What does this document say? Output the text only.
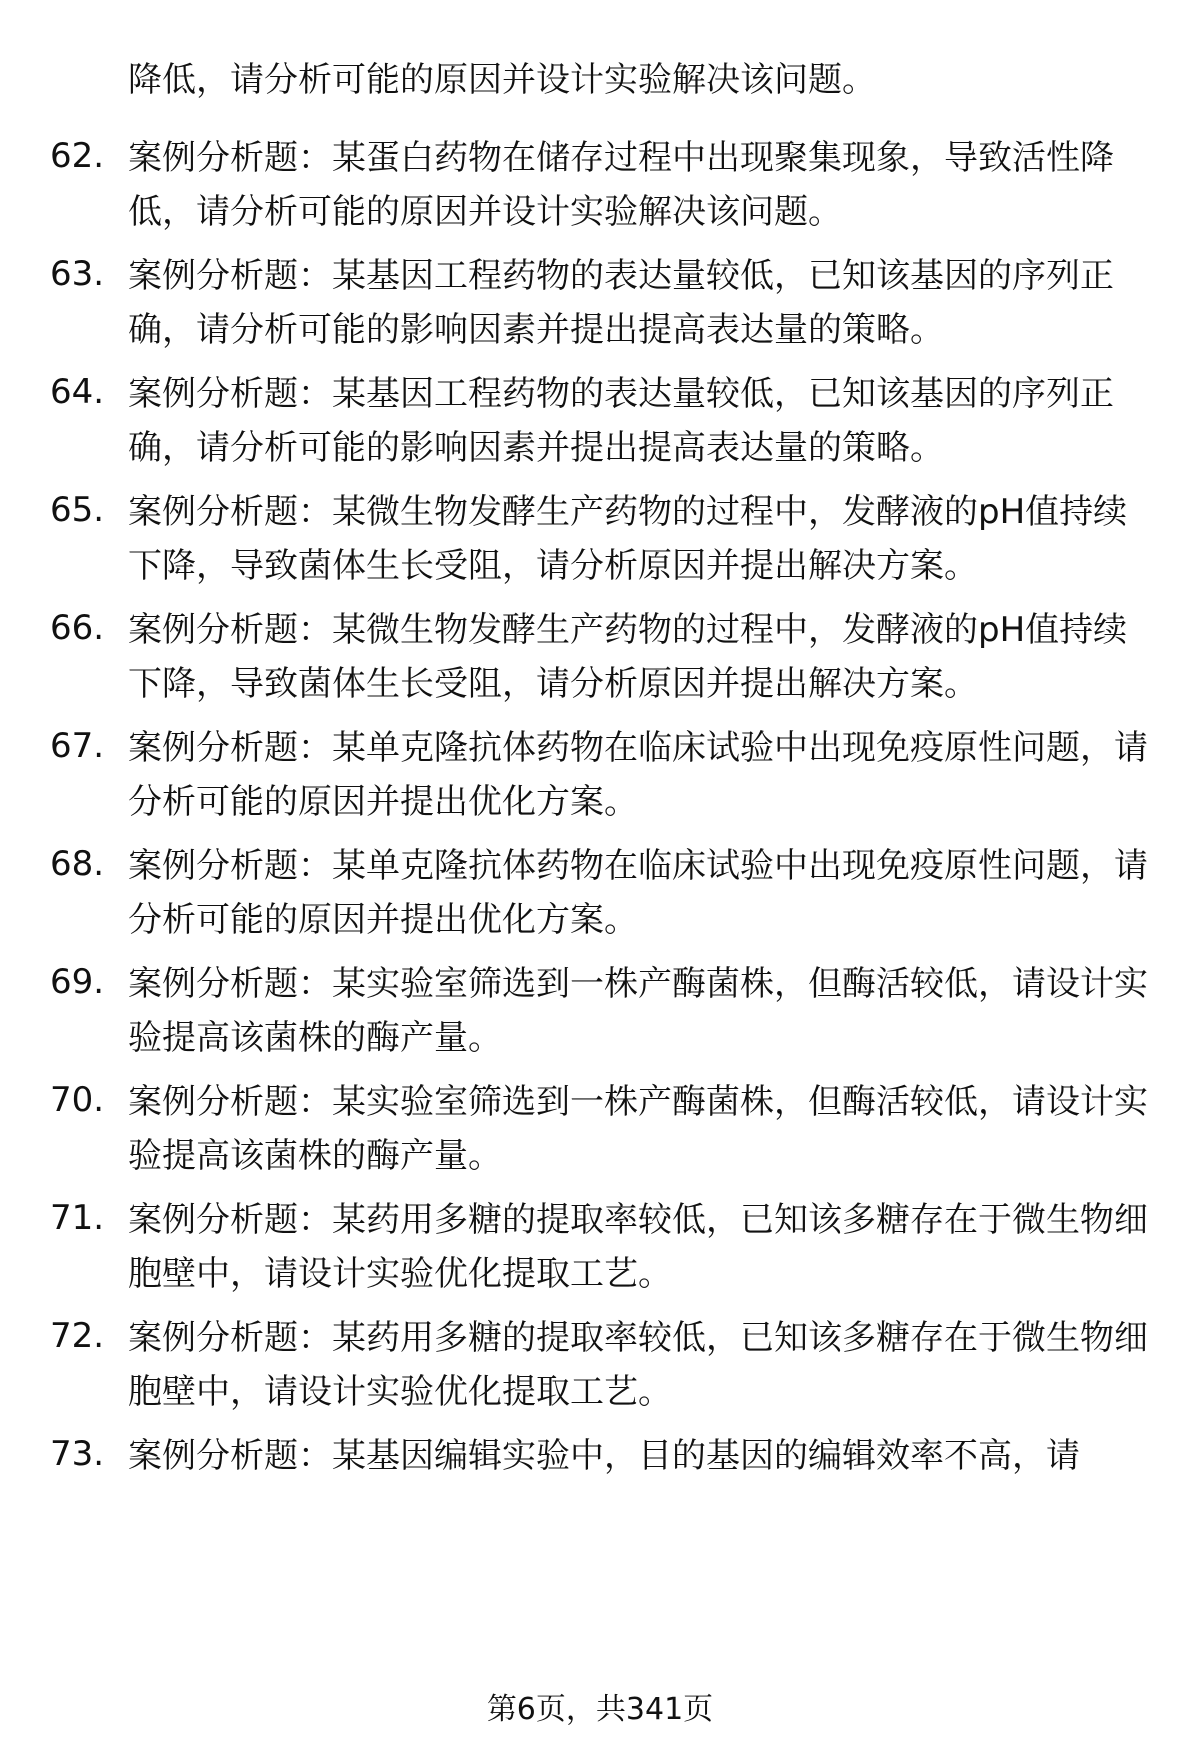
降低，请分析可能的原因并设计实验解决该问题。
62. 案例分析题：某蛋白药物在储存过程中出现聚集现象，导致活性降低，请分析可能的原因并设计实验解决该问题。
63. 案例分析题：某基因工程药物的表达量较低，已知该基因的序列正确，请分析可能的影响因素并提出提高表达量的策略。
64. 案例分析题：某基因工程药物的表达量较低，已知该基因的序列正确，请分析可能的影响因素并提出提高表达量的策略。
65. 案例分析题：某微生物发酵生产药物的过程中，发酵液的pH值持续下降，导致菌体生长受阻，请分析原因并提出解决方案。
66. 案例分析题：某微生物发酵生产药物的过程中，发酵液的pH值持续下降，导致菌体生长受阻，请分析原因并提出解决方案。
67. 案例分析题：某单克隆抗体药物在临床试验中出现免疫原性问题，请分析可能的原因并提出优化方案。
68. 案例分析题：某单克隆抗体药物在临床试验中出现免疫原性问题，请分析可能的原因并提出优化方案。
69. 案例分析题：某实验室筛选到一株产酶菌株，但酶活较低，请设计实验提高该菌株的酶产量。
70. 案例分析题：某实验室筛选到一株产酶菌株，但酶活较低，请设计实验提高该菌株的酶产量。
71. 案例分析题：某药用多糖的提取率较低，已知该多糖存在于微生物细胞壁中，请设计实验优化提取工艺。
72. 案例分析题：某药用多糖的提取率较低，已知该多糖存在于微生物细胞壁中，请设计实验优化提取工艺。
73. 案例分析题：某基因编辑实验中，目的基因的编辑效率不高，请
第6页，共341页
